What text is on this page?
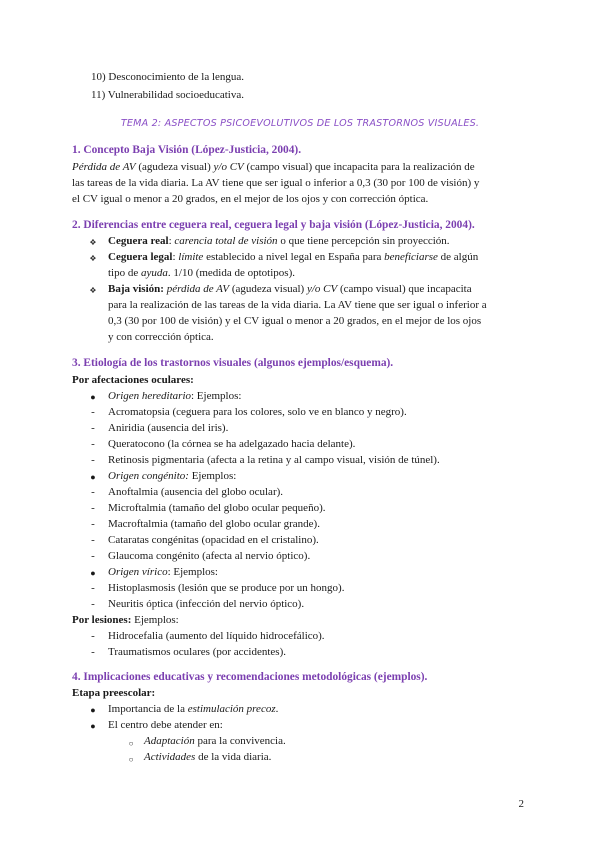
10) Desconocimiento de la lengua.
11) Vulnerabilidad socioeducativa.
TEMA 2: ASPECTOS PSICOEVOLUTIVOS DE LOS TRASTORNOS VISUALES.
1. Concepto Baja Visión (López-Justicia, 2004).
Pérdida de AV (agudeza visual) y/o CV (campo visual) que incapacita para la realización de
las tareas de la vida diaria. La AV tiene que ser igual o inferior a 0,3 (30 por 100 de visión) y
el CV igual o menor a 20 grados, en el mejor de los ojos y con corrección óptica.
2. Diferencias entre ceguera real, ceguera legal y baja visión (López-Justicia, 2004).
❖	Ceguera real: carencia total de visión o que tiene percepción sin proyección.
❖	Ceguera legal: límite establecido a nivel legal en España para beneficiarse de algún
tipo de ayuda. 1/10 (medida de optotipos).
❖	Baja visión: pérdida de AV (agudeza visual) y/o CV (campo visual) que incapacita
para la realización de las tareas de la vida diaria. La AV tiene que ser igual o inferior a
0,3 (30 por 100 de visión) y el CV igual o menor a 20 grados, en el mejor de los ojos
y con corrección óptica.
3. Etiología de los trastornos visuales (algunos ejemplos/esquema).
Por afectaciones oculares:
●	Origen hereditario: Ejemplos:
-	Acromatopsia (ceguera para los colores, solo ve en blanco y negro).
-	Aniridia (ausencia del iris).
-	Queratocono (la córnea se ha adelgazado hacia delante).
-	Retinosis pigmentaria (afecta a la retina y al campo visual, visión de túnel).
●	Origen congénito: Ejemplos:
-	Anoftalmia (ausencia del globo ocular).
-	Microftalmia (tamaño del globo ocular pequeño).
-	Macroftalmia (tamaño del globo ocular grande).
-	Cataratas congénitas (opacidad en el cristalino).
-	Glaucoma congénito (afecta al nervio óptico).
●	Origen vírico: Ejemplos:
-	Histoplasmosis (lesión que se produce por un hongo).
-	Neuritis óptica (infección del nervio óptico).
Por lesiones: Ejemplos:
-	Hidrocefalia (aumento del líquido hidrocefálico).
-	Traumatismos oculares (por accidentes).
4. Implicaciones educativas y recomendaciones metodológicas (ejemplos).
Etapa preescolar:
●	Importancia de la estimulación precoz.
●	El centro debe atender en:
○ Adaptación para la convivencia.
○ Actividades de la vida diaria.
2
